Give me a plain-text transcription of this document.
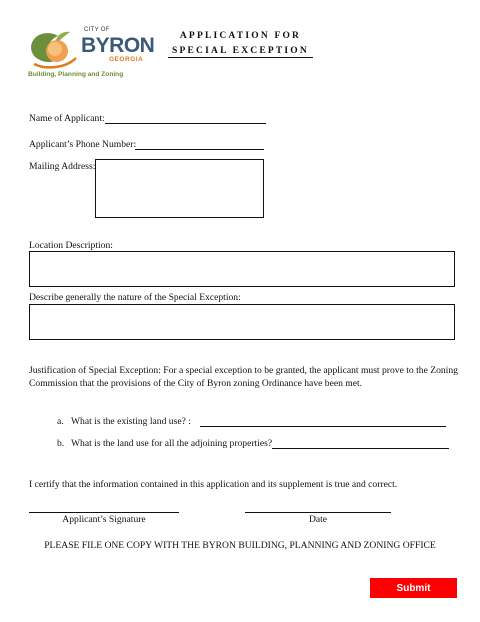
CITY OF
BYRON
GEORGIA
Building, Planning and Zoning
APPLICATION FOR
SPECIAL EXCEPTION
Name of Applicant:
Applicant’s Phone Number:
Mailing Address:
Location Description:
Describe generally the nature of the Special Exception:
Justification of Special Exception: For a special exception to be granted, the applicant must prove to the Zoning
Commission that the provisions of the City of Byron zoning Ordinance have been met.
a. What is the existing land use? :
b. What is the land use for all the adjoining properties?
I certify that the information contained in this application and its supplement is true and correct.
Applicant’s Signature	Date
PLEASE FILE ONE COPY WITH THE BYRON BUILDING, PLANNING AND ZONING OFFICE
Submit
